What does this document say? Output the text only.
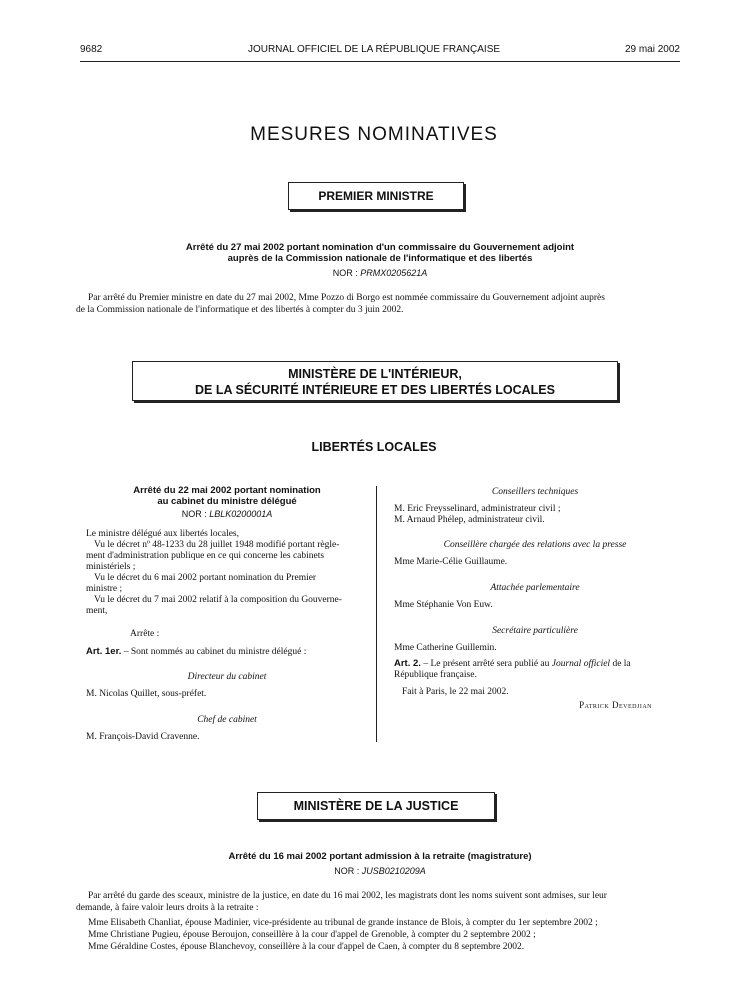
9682	JOURNAL OFFICIEL DE LA RÉPUBLIQUE FRANÇAISE	29 mai 2002
MESURES NOMINATIVES
PREMIER MINISTRE
Arrêté du 27 mai 2002 portant nomination d'un commissaire du Gouvernement adjoint
auprès de la Commission nationale de l'informatique et des libertés
NOR : PRMX0205621A
Par arrêté du Premier ministre en date du 27 mai 2002, Mme Pozzo di Borgo est nommée commissaire du Gouvernement adjoint auprès
de la Commission nationale de l'informatique et des libertés à compter du 3 juin 2002.
MINISTÈRE DE L'INTÉRIEUR,
DE LA SÉCURITÉ INTÉRIEURE ET DES LIBERTÉS LOCALES
LIBERTÉS LOCALES
Arrêté du 22 mai 2002 portant nomination
au cabinet du ministre délégué
NOR : LBLK0200001A

Le ministre délégué aux libertés locales,

Vu le décret nº 48-1233 du 28 juillet 1948 modifié portant règle-

ment d'administration publique en ce qui concerne les cabinets

ministériels ;

Vu le décret du 6 mai 2002 portant nomination du Premier

ministre ;

Vu le décret du 7 mai 2002 relatif à la composition du Gouverne-

ment,

Arrête :
Art. 1er. – Sont nommés au cabinet du ministre délégué :
Directeur du cabinet
M. Nicolas Quillet, sous-préfet.
Chef de cabinet
M. François-David Cravenne.
Conseillers techniques
M. Eric Freysselinard, administrateur civil ;
M. Arnaud Phélep, administrateur civil.
Conseillère chargée des relations avec la presse
Mme Marie-Célie Guillaume.
Attachée parlementaire
Mme Stéphanie Von Euw.
Secrétaire particulière
Mme Catherine Guillemin.
Art. 2. – Le présent arrêté sera publié au Journal officiel de la
République française.
Fait à Paris, le 22 mai 2002.
Patrick Devedjian
MINISTÈRE DE LA JUSTICE
Arrêté du 16 mai 2002 portant admission à la retraite (magistrature)
NOR : JUSB0210209A
Par arrêté du garde des sceaux, ministre de la justice, en date du 16 mai 2002, les magistrats dont les noms suivent sont admises, sur leur
demande, à faire valoir leurs droits à la retraite :
Mme Elisabeth Chanliat, épouse Madinier, vice-présidente au tribunal de grande instance de Blois, à compter du 1er septembre 2002 ;
Mme Christiane Pugieu, épouse Beroujon, conseillère à la cour d'appel de Grenoble, à compter du 2 septembre 2002 ;
Mme Géraldine Costes, épouse Blanchevoy, conseillère à la cour d'appel de Caen, à compter du 8 septembre 2002.
